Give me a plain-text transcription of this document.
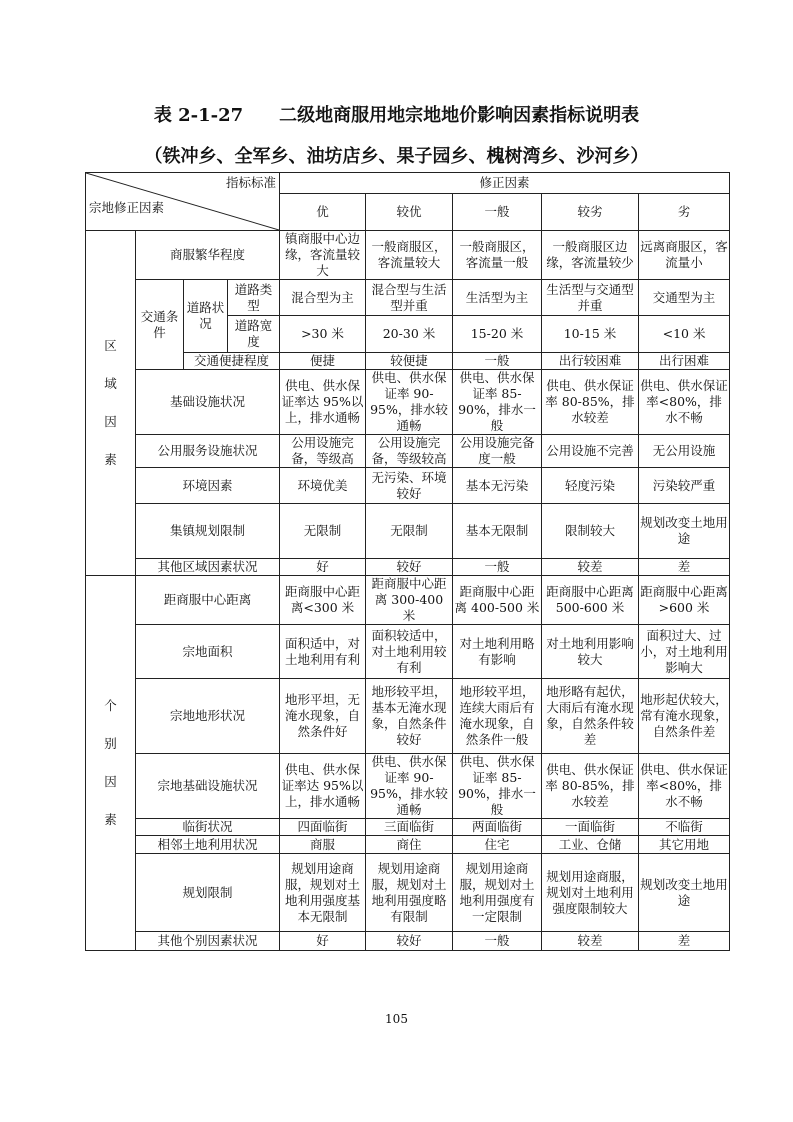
表 2-1-27　　二级地商服用地宗地地价影响因素指标说明表
（铁冲乡、全军乡、油坊店乡、果子园乡、槐树湾乡、沙河乡）
指标标准
宗地修正因素				修正因素				
				优	较优	一般	较劣	劣
区
域
因
素	商服繁华程度			镇商服中心边缘，客流量较大	一般商服区，客流量较大	一般商服区，客流量一般	一般商服区边缘，客流量较少	远离商服区，客流量小
	交通条件	道路状况	道路类型	混合型为主	混合型与生活型并重	生活型为主	生活型与交通型并重	交通型为主
			道路宽度	>30 米	20-30 米	15-20 米	10-15 米	<10 米
		交通便捷程度		便捷	较便捷	一般	出行较困难	出行困难
	基础设施状况			供电、供水保证率达 95%以上，排水通畅	供电、供水保证率 90-95%，排水较通畅	供电、供水保证率 85-90%，排水一般	供电、供水保证率 80-85%，排水较差	供电、供水保证率<80%，排水不畅
	公用服务设施状况			公用设施完备，等级高	公用设施完备，等级较高	公用设施完备度一般	公用设施不完善	无公用设施
	环境因素			环境优美	无污染、环境较好	基本无污染	轻度污染	污染较严重
	集镇规划限制			无限制	无限制	基本无限制	限制较大	规划改变土地用途
	其他区域因素状况			好	较好	一般	较差	差
个
别
因
素	距商服中心距离			距商服中心距离<300 米	距商服中心距离 300-400 米	距商服中心距离 400-500 米	距商服中心距离 500-600 米	距商服中心距离>600 米
	宗地面积			面积适中，对土地利用有利	面积较适中，对土地利用较有利	对土地利用略有影响	对土地利用影响较大	面积过大、过小，对土地利用影响大
	宗地地形状况			地形平坦，无淹水现象，自然条件好	地形较平坦，基本无淹水现象，自然条件较好	地形较平坦，连续大雨后有淹水现象，自然条件一般	地形略有起伏，大雨后有淹水现象，自然条件较差	地形起伏较大，常有淹水现象，自然条件差
	宗地基础设施状况			供电、供水保证率达 95%以上，排水通畅	供电、供水保证率 90-95%，排水较通畅	供电、供水保证率 85-90%，排水一般	供电、供水保证率 80-85%，排水较差	供电、供水保证率<80%，排水不畅
	临街状况			四面临街	三面临街	两面临街	一面临街	不临街
	相邻土地利用状况			商服	商住	住宅	工业、仓储	其它用地
	规划限制			规划用途商服，规划对土地利用强度基本无限制	规划用途商服，规划对土地利用强度略有限制	规划用途商服，规划对土地利用强度有一定限制	规划用途商服，规划对土地利用强度限制较大	规划改变土地用途
	其他个别因素状况			好	较好	一般	较差	差
105
